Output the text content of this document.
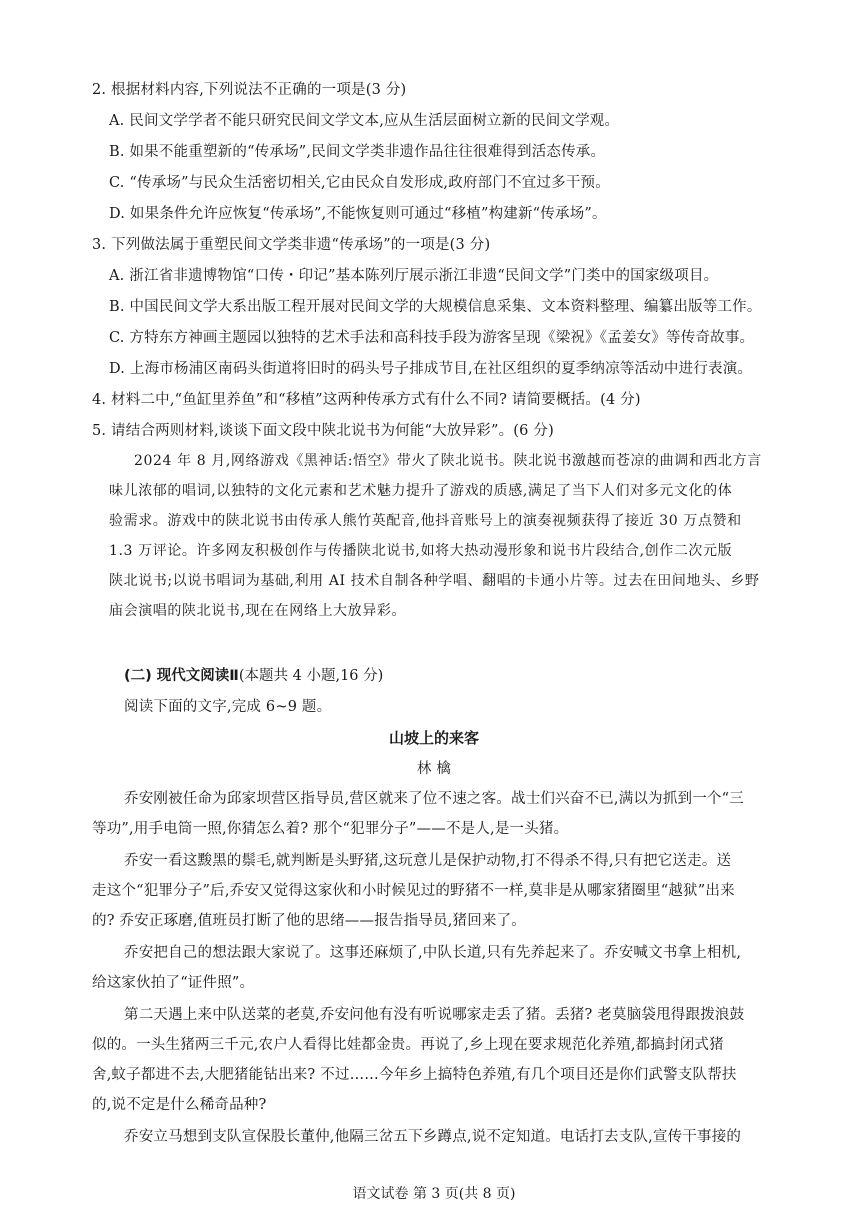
2. 根据材料内容,下列说法不正确的一项是(3 分)
A. 民间文学学者不能只研究民间文学文本,应从生活层面树立新的民间文学观。
B. 如果不能重塑新的“传承场”,民间文学类非遗作品往往很难得到活态传承。
C. “传承场”与民众生活密切相关,它由民众自发形成,政府部门不宜过多干预。
D. 如果条件允许应恢复“传承场”,不能恢复则可通过“移植”构建新“传承场”。
3. 下列做法属于重塑民间文学类非遗“传承场”的一项是(3 分)
A. 浙江省非遗博物馆“口传・印记”基本陈列厅展示浙江非遗“民间文学”门类中的国家级项目。
B. 中国民间文学大系出版工程开展对民间文学的大规模信息采集、文本资料整理、编纂出版等工作。
C. 方特东方神画主题园以独特的艺术手法和高科技手段为游客呈现《梁祝》《孟姜女》等传奇故事。
D. 上海市杨浦区南码头街道将旧时的码头号子排成节目,在社区组织的夏季纳凉等活动中进行表演。
4. 材料二中,“鱼缸里养鱼”和“移植”这两种传承方式有什么不同? 请简要概括。(4 分)
5. 请结合两则材料,谈谈下面文段中陕北说书为何能“大放异彩”。(6 分)
2024 年 8 月,网络游戏《黑神话:悟空》带火了陕北说书。陕北说书激越而苍凉的曲调和西北方言
味儿浓郁的唱词,以独特的文化元素和艺术魅力提升了游戏的质感,满足了当下人们对多元文化的体
验需求。游戏中的陕北说书由传承人熊竹英配音,他抖音账号上的演奏视频获得了接近 30 万点赞和
1.3 万评论。许多网友积极创作与传播陕北说书,如将大热动漫形象和说书片段结合,创作二次元版
陕北说书;以说书唱词为基础,利用 AI 技术自制各种学唱、翻唱的卡通小片等。过去在田间地头、乡野
庙会演唱的陕北说书,现在在网络上大放异彩。
(二) 现代文阅读Ⅱ(本题共 4 小题,16 分)
阅读下面的文字,完成 6~9 题。
山坡上的来客
林 檎
乔安刚被任命为邱家坝营区指导员,营区就来了位不速之客。战士们兴奋不已,满以为抓到一个“三
等功”,用手电筒一照,你猜怎么着? 那个“犯罪分子”——不是人,是一头猪。
乔安一看这黢黑的鬃毛,就判断是头野猪,这玩意儿是保护动物,打不得杀不得,只有把它送走。送
走这个“犯罪分子”后,乔安又觉得这家伙和小时候见过的野猪不一样,莫非是从哪家猪圈里“越狱”出来
的? 乔安正琢磨,值班员打断了他的思绪——报告指导员,猪回来了。
乔安把自己的想法跟大家说了。这事还麻烦了,中队长道,只有先养起来了。乔安喊文书拿上相机,
给这家伙拍了“证件照”。
第二天遇上来中队送菜的老莫,乔安问他有没有听说哪家走丢了猪。丢猪? 老莫脑袋甩得跟拨浪鼓
似的。一头生猪两三千元,农户人看得比娃都金贵。再说了,乡上现在要求规范化养殖,都搞封闭式猪
舍,蚊子都进不去,大肥猪能钻出来? 不过……今年乡上搞特色养殖,有几个项目还是你们武警支队帮扶
的,说不定是什么稀奇品种?
乔安立马想到支队宣保股长董仲,他隔三岔五下乡蹲点,说不定知道。电话打去支队,宣传干事接的
语文试卷 第 3 页(共 8 页)
